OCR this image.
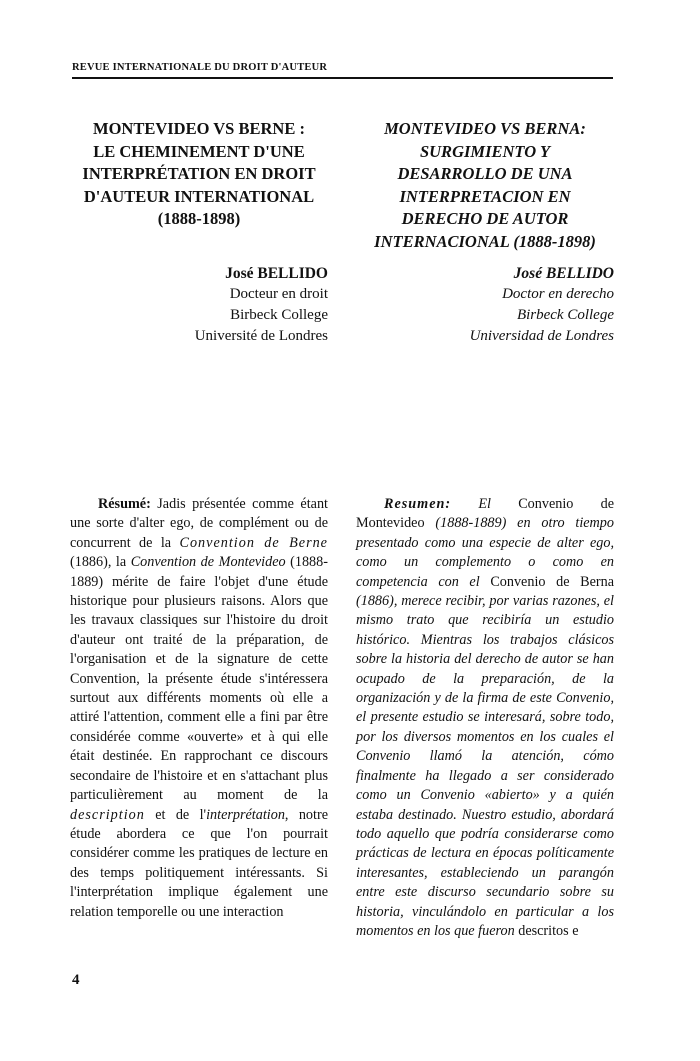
REVUE INTERNATIONALE DU DROIT D'AUTEUR
MONTEVIDEO VS BERNE :
LE CHEMINEMENT D'UNE
INTERPRÉTATION EN DROIT
D'AUTEUR INTERNATIONAL
(1888-1898)
José BELLIDO
Docteur en droit
Birbeck College
Université de Londres

Résumé: Jadis présentée comme étant une sorte d'alter ego, de complément ou de concurrent de la Convention de Berne (1886), la Convention de Montevideo (1888-1889) mérite de faire l'objet d'une étude historique pour plusieurs raisons. Alors que les travaux classiques sur l'histoire du droit d'auteur ont traité de la préparation, de l'organisation et de la signature de cette Convention, la présente étude s'intéressera surtout aux différents moments où elle a attiré l'attention, comment elle a fini par être considérée comme «ouverte» et à qui elle était destinée. En rapprochant ce discours secondaire de l'histoire et en s'attachant plus particulièrement au moment de la description et de l'interprétation, notre étude abordera ce que l'on pourrait considérer comme les pratiques de lecture en des temps politiquement intéressants. Si l'interprétation implique également une relation temporelle ou une interaction

MONTEVIDEO VS BERNA:
SURGIMIENTO Y
DESARROLLO DE UNA
INTERPRETACION EN
DERECHO DE AUTOR
INTERNACIONAL (1888-1898)
José BELLIDO
Doctor en derecho
Birbeck College
Universidad de Londres

Resumen: El Convenio de Montevideo (1888-1889) en otro tiempo presentado como una especie de alter ego, como un complemento o como en competencia con el Convenio de Berna (1886), merece recibir, por varias razones, el mismo trato que recibiría un estudio histórico. Mientras los trabajos clásicos sobre la historia del derecho de autor se han ocupado de la preparación, de la organización y de la firma de este Convenio, el presente estudio se interesará, sobre todo, por los diversos momentos en los cuales el Convenio llamó la atención, cómo finalmente ha llegado a ser considerado como un Convenio «abierto» y a quién estaba destinado. Nuestro estudio, abordará todo aquello que podría considerarse como prácticas de lectura en épocas políticamente interesantes, estableciendo un parangón entre este discurso secundario sobre su historia, vinculándolo en particular a los momentos en los que fueron descritos e

4
